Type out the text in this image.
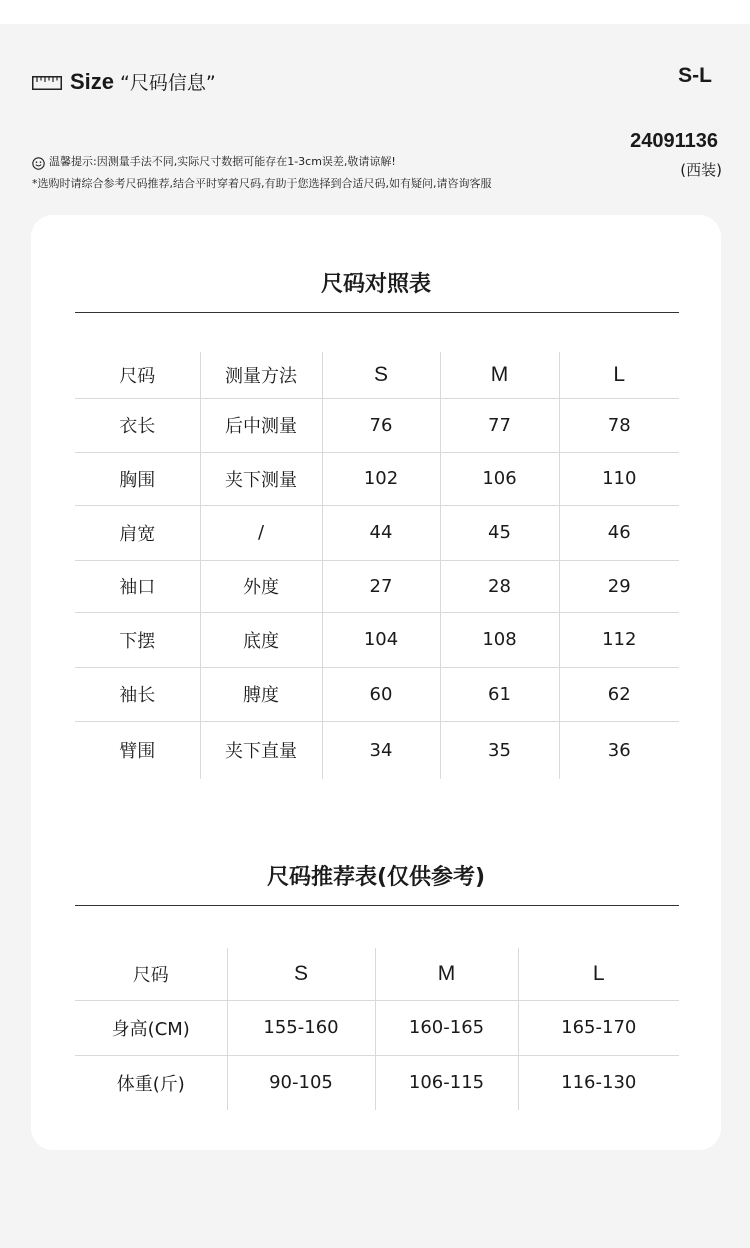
Size “尺码信息”	S-L
温馨提示:因测量手法不同,实际尺寸数据可能存在1-3cm误差,敬请谅解!
*选购时请综合参考尺码推荐,结合平时穿着尺码,有助于您选择到合适尺码,如有疑问,请咨询客服
24091136
(西装)
尺码对照表
尺码	测量方法	S	M	L
衣长	后中测量	76	77	78
胸围	夹下测量	102	106	110
肩宽	/	44	45	46
袖口	外度	27	28	29
下摆	底度	104	108	112
袖长	膊度	60	61	62
臂围	夹下直量	34	35	36
尺码推荐表(仅供参考)
尺码	S	M	L
身高(CM)	155-160	160-165	165-170
体重(斤)	90-105	106-115	116-130
